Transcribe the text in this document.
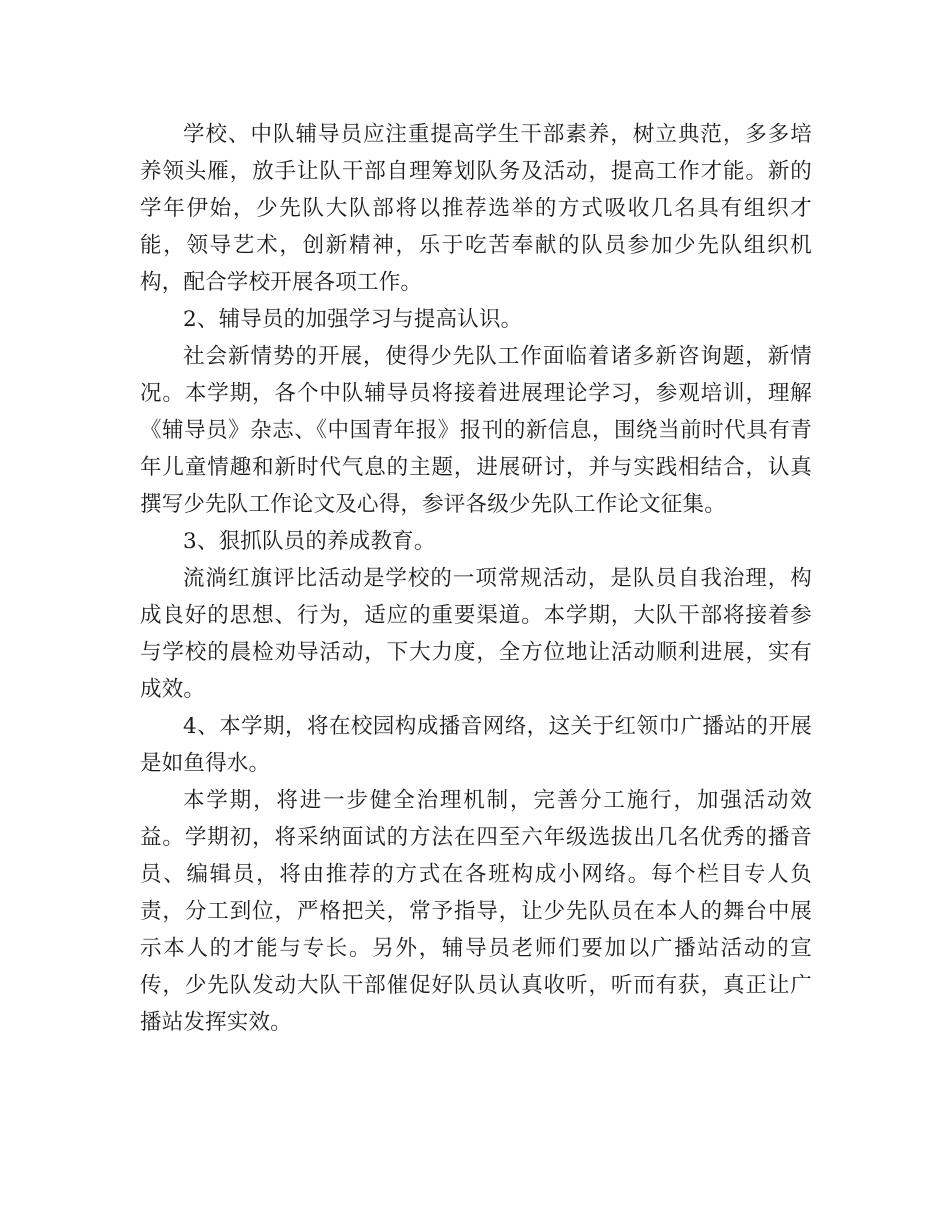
学校、中队辅导员应注重提高学生干部素养，树立典范，多多培养领头雁，放手让队干部自理筹划队务及活动，提高工作才能。新的学年伊始，少先队大队部将以推荐选举的方式吸收几名具有组织才能，领导艺术，创新精神，乐于吃苦奉献的队员参加少先队组织机构，配合学校开展各项工作。

2、辅导员的加强学习与提高认识。

社会新情势的开展，使得少先队工作面临着诸多新咨询题，新情况。本学期，各个中队辅导员将接着进展理论学习，参观培训，理解《辅导员》杂志、《中国青年报》报刊的新信息，围绕当前时代具有青年儿童情趣和新时代气息的主题，进展研讨，并与实践相结合，认真撰写少先队工作论文及心得，参评各级少先队工作论文征集。

3、狠抓队员的养成教育。

流淌红旗评比活动是学校的一项常规活动，是队员自我治理，构成良好的思想、行为，适应的重要渠道。本学期，大队干部将接着参与学校的晨检劝导活动，下大力度，全方位地让活动顺利进展，实有成效。

4、本学期，将在校园构成播音网络，这关于红领巾广播站的开展是如鱼得水。

本学期，将进一步健全治理机制，完善分工施行，加强活动效益。学期初，将采纳面试的方法在四至六年级选拔出几名优秀的播音员、编辑员，将由推荐的方式在各班构成小网络。每个栏目专人负责，分工到位，严格把关，常予指导，让少先队员在本人的舞台中展示本人的才能与专长。另外，辅导员老师们要加以广播站活动的宣传，少先队发动大队干部催促好队员认真收听，听而有获，真正让广播站发挥实效。
